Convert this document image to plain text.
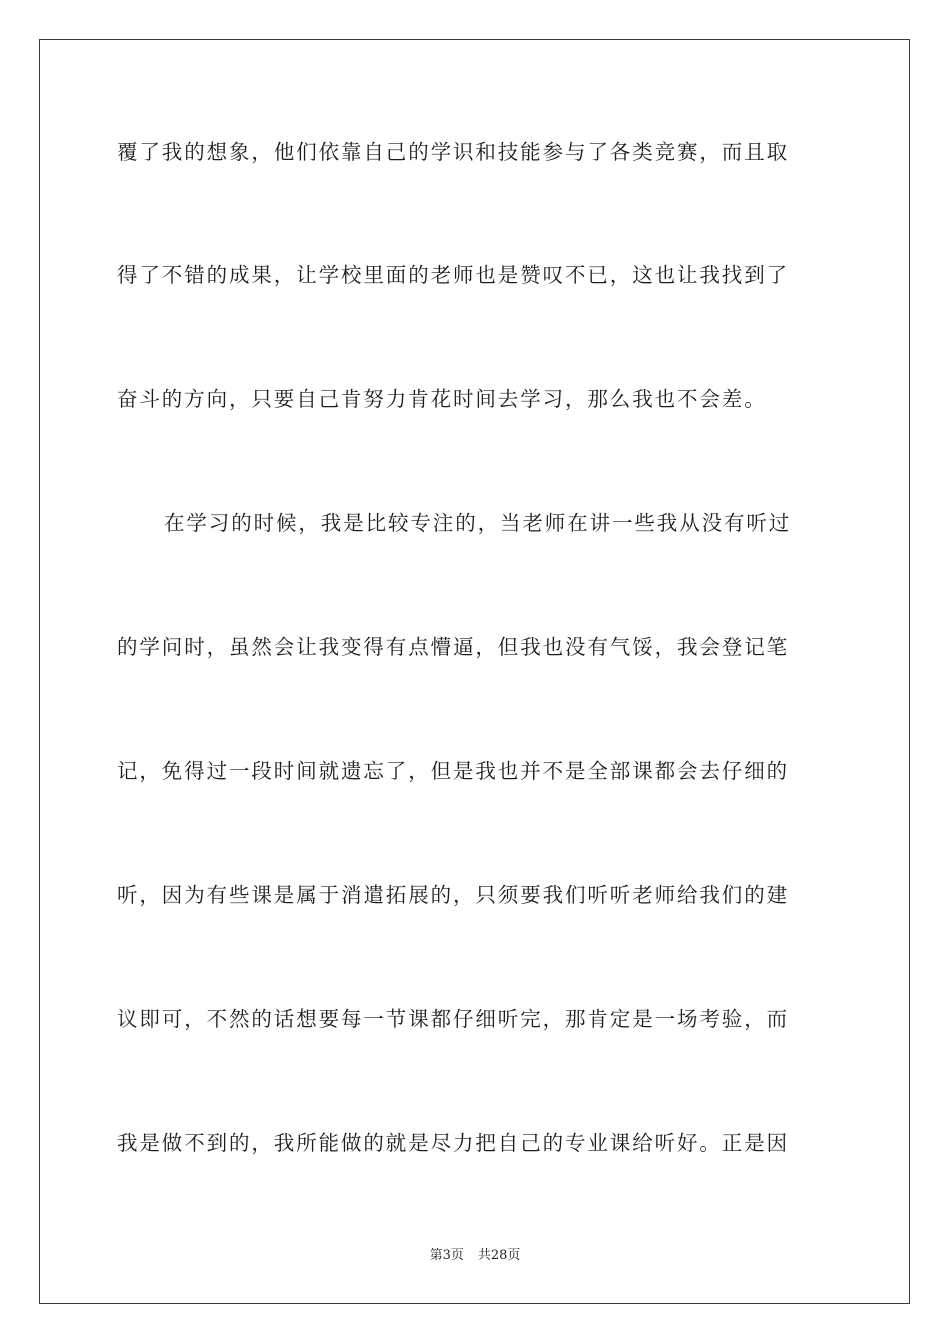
覆了我的想象，他们依靠自己的学识和技能参与了各类竞赛，而且取
得了不错的成果，让学校里面的老师也是赞叹不已，这也让我找到了
奋斗的方向，只要自己肯努力肯花时间去学习，那么我也不会差。
在学习的时候，我是比较专注的，当老师在讲一些我从没有听过
的学问时，虽然会让我变得有点懵逼，但我也没有气馁，我会登记笔
记，免得过一段时间就遗忘了，但是我也并不是全部课都会去仔细的
听，因为有些课是属于消遣拓展的，只须要我们听听老师给我们的建
议即可，不然的话想要每一节课都仔细听完，那肯定是一场考验，而
我是做不到的，我所能做的就是尽力把自己的专业课给听好。正是因
第3页 共28页
